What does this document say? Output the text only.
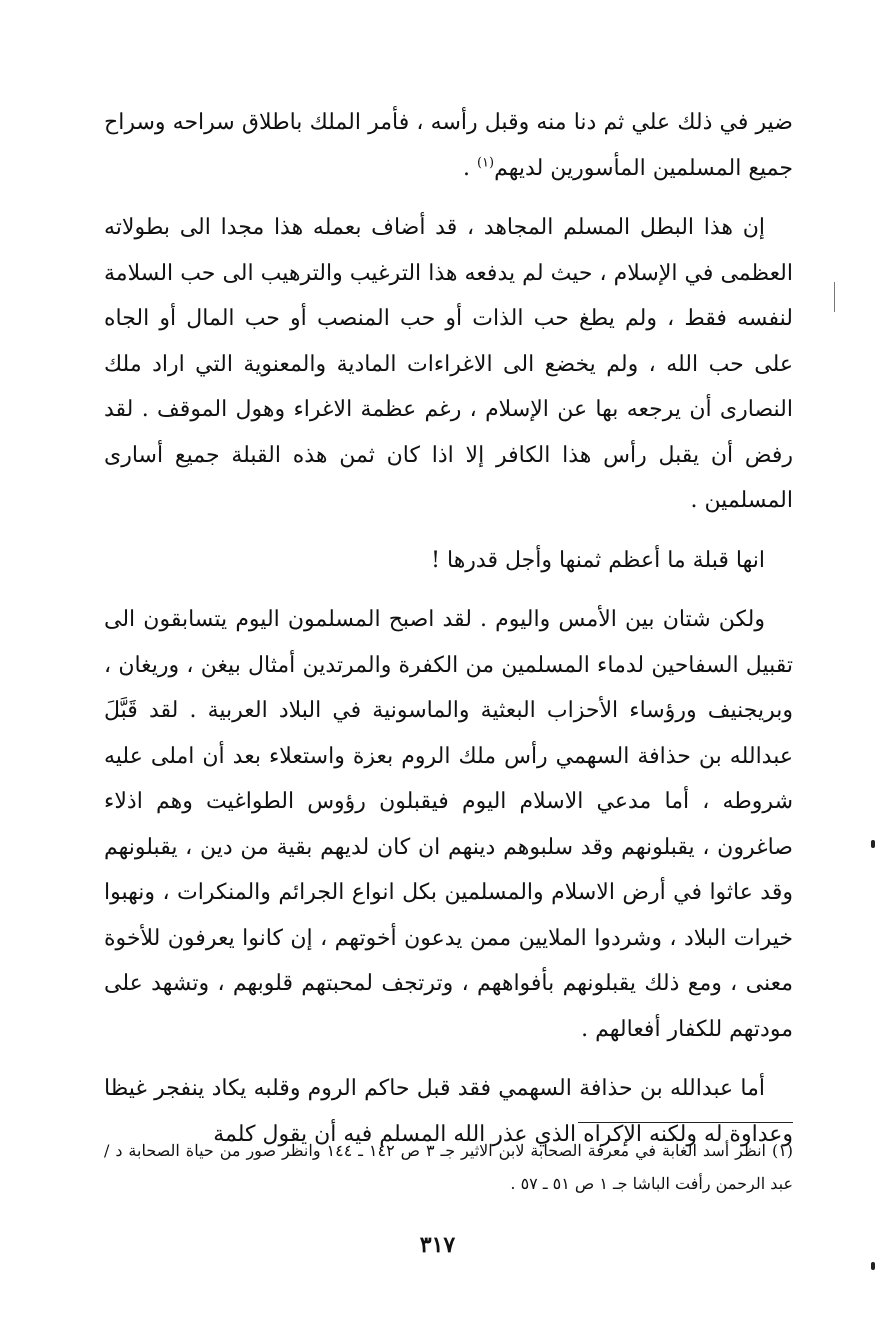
ضير في ذلك علي ثم دنا منه وقبل رأسه ، فأمر الملك باطلاق سراحه وسراح جميع المسلمين المأسورين لديهم$^{(١)}$ .

إن هذا البطل المسلم المجاهد ، قد أضاف بعمله هذا مجدا الى بطولاته العظمى في الإسلام ، حيث لم يدفعه هذا الترغيب والترهيب الى حب السلامة لنفسه فقط ، ولم يطغ حب الذات أو حب المنصب أو حب المال أو الجاه على حب الله ، ولم يخضع الى الاغراءات المادية والمعنوية التي اراد ملك النصارى أن يرجعه بها عن الإسلام ، رغم عظمة الاغراء وهول الموقف . لقد رفض أن يقبل رأس هذا الكافر إلا اذا كان ثمن هذه القبلة جميع أسارى المسلمين .

انها قبلة ما أعظم ثمنها وأجل قدرها !

ولكن شتان بين الأمس واليوم . لقد اصبح المسلمون اليوم يتسابقون الى تقبيل السفاحين لدماء المسلمين من الكفرة والمرتدين أمثال بيغن ، وريغان ، وبريجنيف ورؤساء الأحزاب البعثية والماسونية في البلاد العربية . لقد قَبَّلَ عبدالله بن حذافة السهمي رأس ملك الروم بعزة واستعلاء بعد أن املى عليه شروطه ، أما مدعي الاسلام اليوم فيقبلون رؤوس الطواغيت وهم اذلاء صاغرون ، يقبلونهم وقد سلبوهم دينهم ان كان لديهم بقية من دين ، يقبلونهم وقد عاثوا في أرض الاسلام والمسلمين بكل انواع الجرائم والمنكرات ، ونهبوا خيرات البلاد ، وشردوا الملايين ممن يدعون أخوتهم ، إن كانوا يعرفون للأخوة معنى ، ومع ذلك يقبلونهم بأفواههم ، وترتجف لمحبتهم قلوبهم ، وتشهد على مودتهم للكفار أفعالهم .

أما عبدالله بن حذافة السهمي فقد قبل حاكم الروم وقلبه يكاد ينفجر غيظا وعداوة له ولكنه الإكراه الذي عذر الله المسلم فيه أن يقول كلمة

(١) انظر أسد الغابة في معرفة الصحابة لابن الاثير جـ ٣ ص ١٤٢ ـ ١٤٤ وانظر صور من حياة الصحابة د / عبد الرحمن رأفت الباشا جـ ١ ص ٥١ ـ ٥٧ .
٣١٧
